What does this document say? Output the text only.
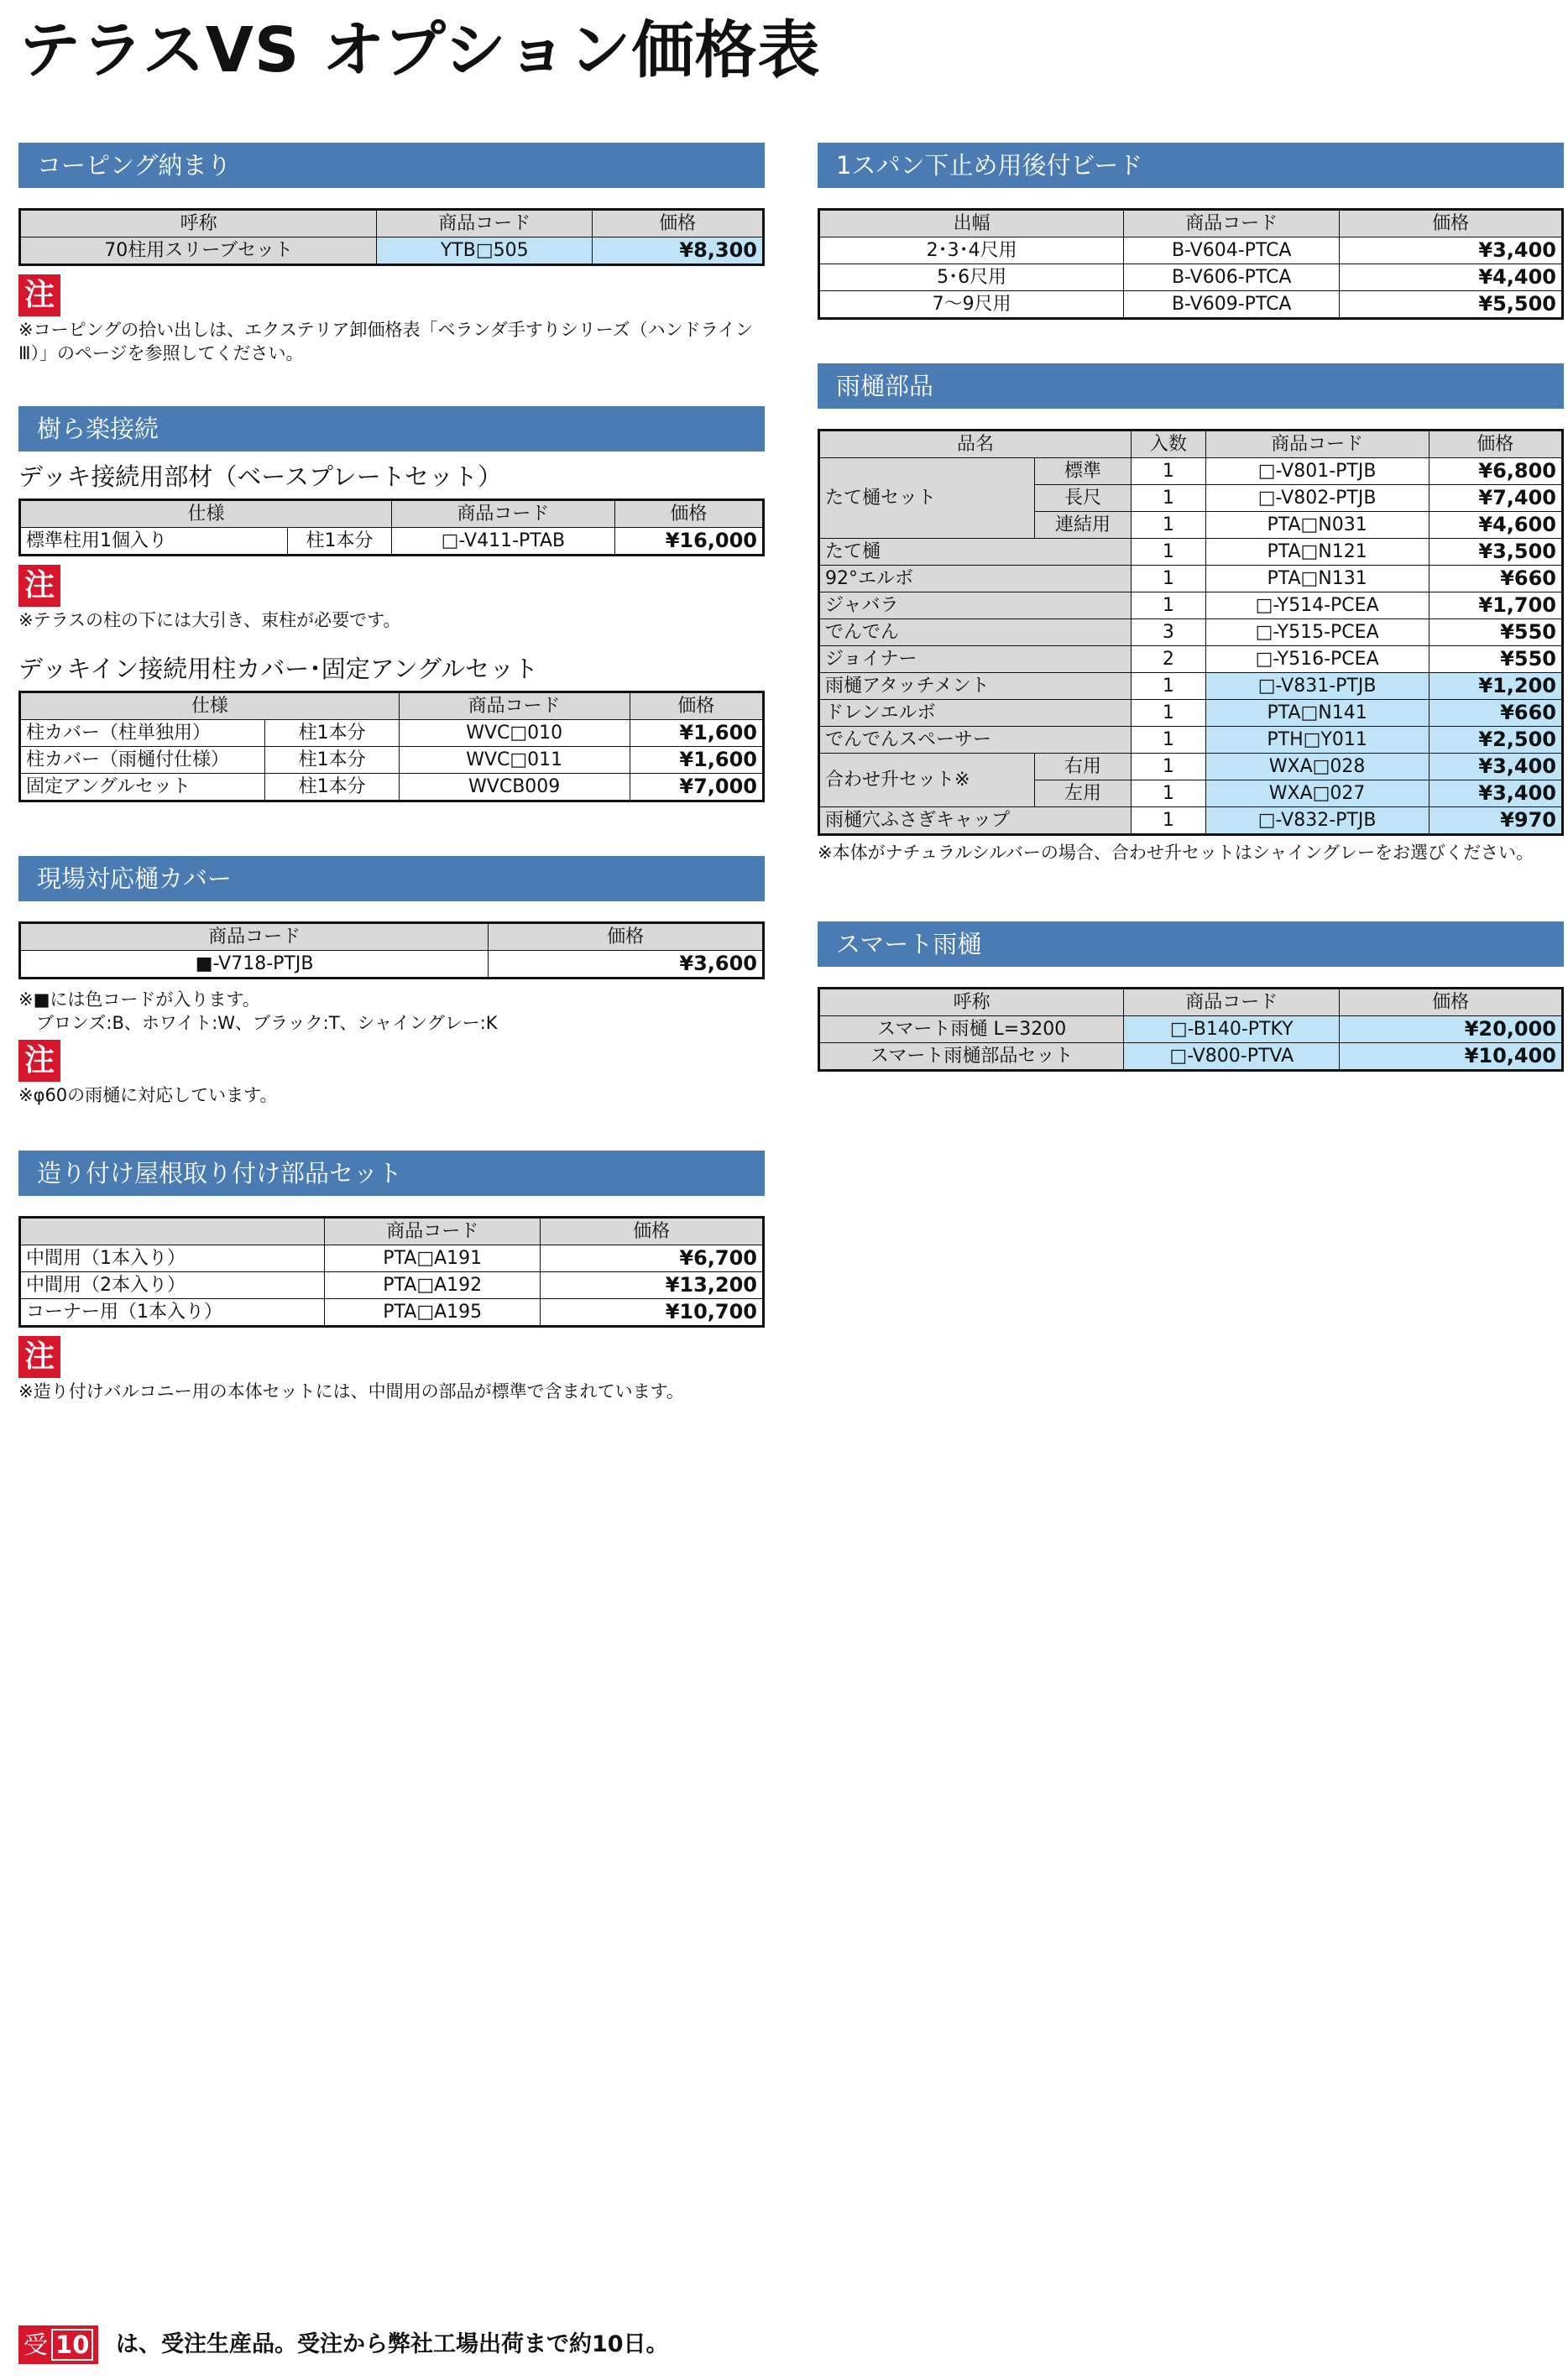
テラスVS オプション価格表
コーピング納まり
呼称	商品コード	価格
70柱用スリーブセット	YTB□505	¥8,300
注
※コーピングの拾い出しは、エクステリア卸価格表「ベランダ手すりシリーズ（ハンドライン
Ⅲ）」のページを参照してください。
樹ら楽接続
デッキ接続用部材（ベースプレートセット）
仕様		商品コード	価格
標準柱用1個入り	柱1本分	□-V411-PTAB	¥16,000
注
※テラスの柱の下には大引き、束柱が必要です。
デッキイン接続用柱カバー･固定アングルセット
仕様		商品コード	価格
柱カバー（柱単独用）	柱1本分	WVC□010	¥1,600
柱カバー（雨樋付仕様）	柱1本分	WVC□011	¥1,600
固定アングルセット	柱1本分	WVCB009	¥7,000
現場対応樋カバー
商品コード	価格
■-V718-PTJB	¥3,600
※■には色コードが入ります。
　ブロンズ:B、ホワイト:W、ブラック:T、シャイングレー:K
注
※φ60の雨樋に対応しています。
造り付け屋根取り付け部品セット
	商品コード	価格
中間用（1本入り）	PTA□A191	¥6,700
中間用（2本入り）	PTA□A192	¥13,200
コーナー用（1本入り）	PTA□A195	¥10,700
注
※造り付けバルコニー用の本体セットには、中間用の部品が標準で含まれています。
1スパン下止め用後付ビード
出幅	商品コード	価格
2･3･4尺用	B-V604-PTCA	¥3,400
5･6尺用	B-V606-PTCA	¥4,400
7～9尺用	B-V609-PTCA	¥5,500
雨樋部品
品名		入数	商品コード	価格
たて樋セット	標準	1	□-V801-PTJB	¥6,800
	長尺	1	□-V802-PTJB	¥7,400
	連結用	1	PTA□N031	¥4,600
たて樋		1	PTA□N121	¥3,500
92°エルボ		1	PTA□N131	¥660
ジャバラ		1	□-Y514-PCEA	¥1,700
でんでん		3	□-Y515-PCEA	¥550
ジョイナー		2	□-Y516-PCEA	¥550
雨樋アタッチメント		1	□-V831-PTJB	¥1,200
ドレンエルボ		1	PTA□N141	¥660
でんでんスペーサー		1	PTH□Y011	¥2,500
合わせ升セット※	右用	1	WXA□028	¥3,400
	左用	1	WXA□027	¥3,400
雨樋穴ふさぎキャップ		1	□-V832-PTJB	¥970
※本体がナチュラルシルバーの場合、合わせ升セットはシャイングレーをお選びください。
スマート雨樋
呼称	商品コード	価格
スマート雨樋 L=3200	□-B140-PTKY	¥20,000
スマート雨樋部品セット	□-V800-PTVA	¥10,400
受 10 は、受注生産品。受注から弊社工場出荷まで約10日。
